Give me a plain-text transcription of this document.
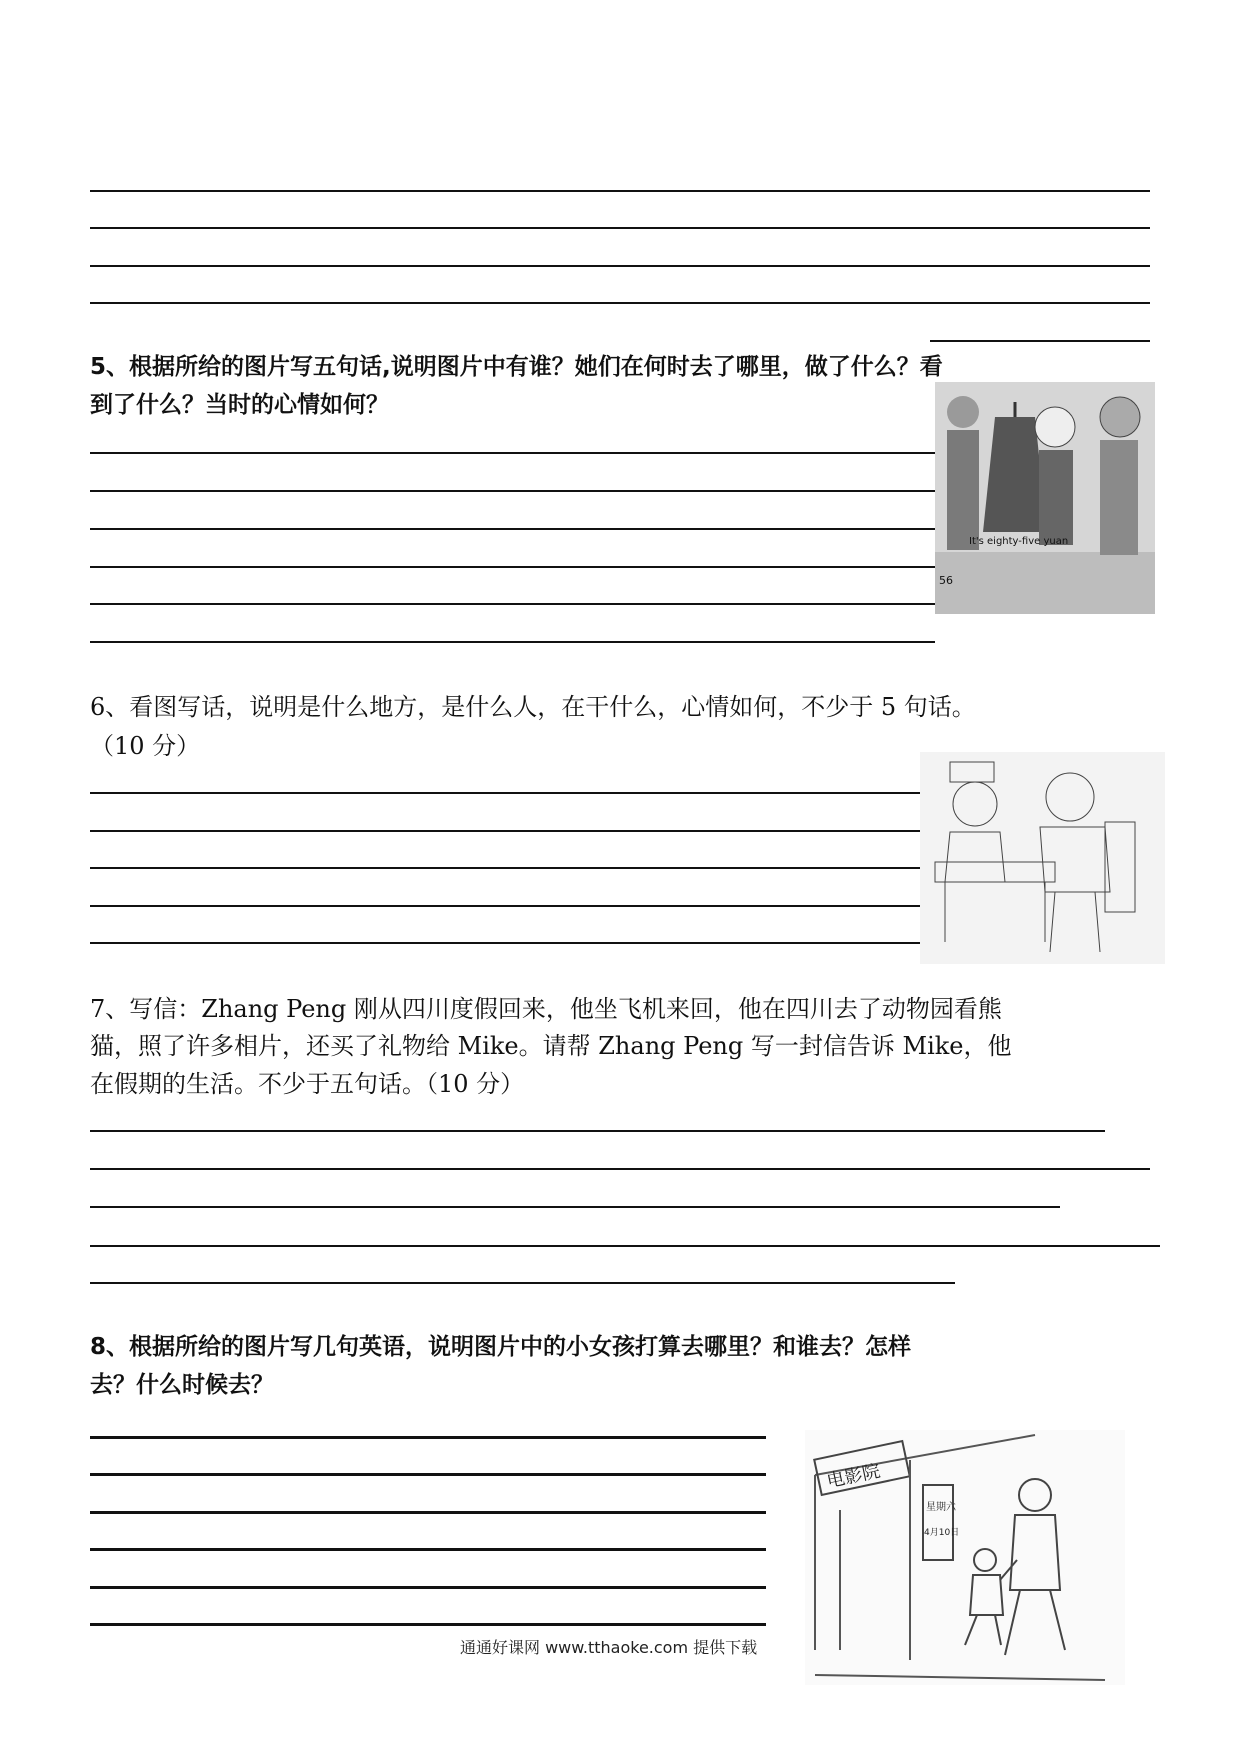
5、根据所给的图片写五句话,说明图片中有谁？她们在何时去了哪里，做了什么？看

到了什么？当时的心情如何？

It's eighty-five yuan
56

6、看图写话，说明是什么地方，是什么人，在干什么，心情如何，不少于 5 句话。

（10 分）

7、写信：Zhang Peng 刚从四川度假回来，他坐飞机来回，他在四川去了动物园看熊

猫，照了许多相片，还买了礼物给 Mike。请帮 Zhang Peng 写一封信告诉 Mike，他

在假期的生活。不少于五句话。（10 分）

8、根据所给的图片写几句英语，说明图片中的小女孩打算去哪里？和谁去？怎样

去？什么时候去？

电影院
星期六
4月10日
通通好课网 www.tthaoke.com 提供下载
